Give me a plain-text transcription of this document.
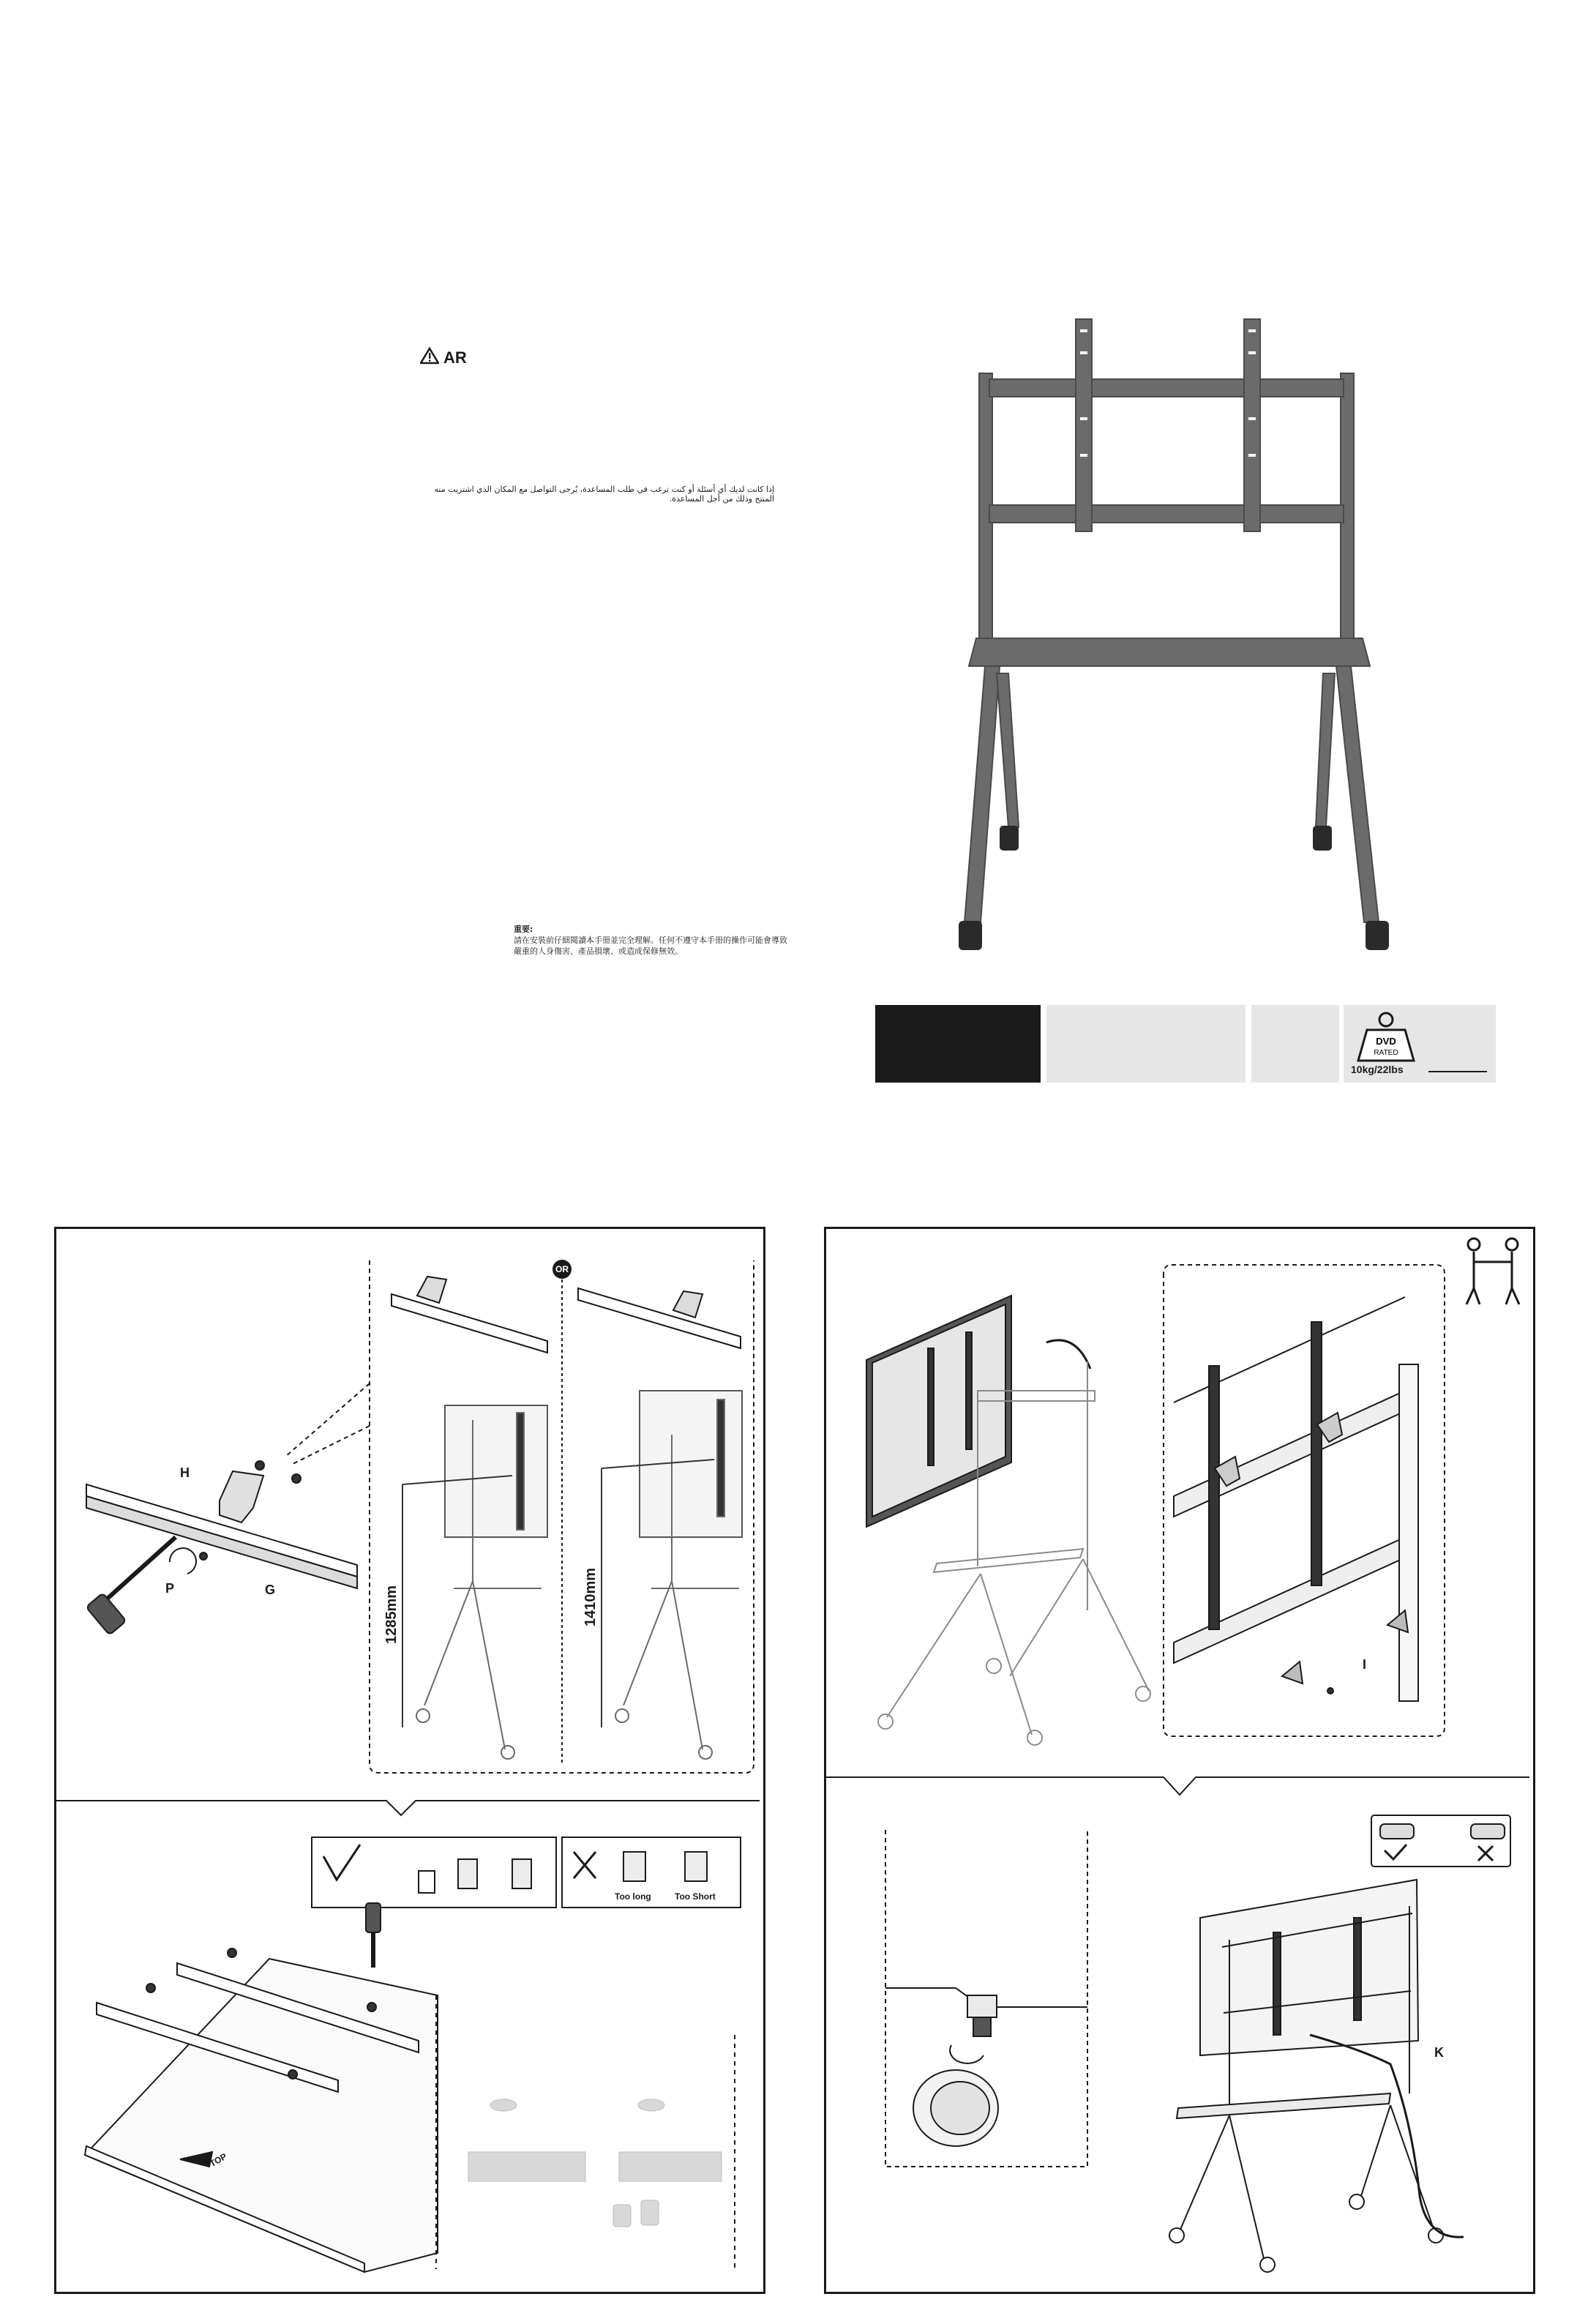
AR
إذا كانت لديك أي أسئلة أو كنت ترغب في طلب المساعدة، يُرجى التواصل مع المكان الذي اشتريت منه المنتج وذلك من أجل المساعدة.
重要:
請在安裝前仔細閱讀本手冊並完全理解。任何不遵守本手冊的操作可能會導致嚴重的人身傷害、產品損壞、或造成保修無效。
DVD
RATED
10kg/22lbs
H
P	G
OR
1285mm	1410mm
Too long	Too Short
TOP
I
K
